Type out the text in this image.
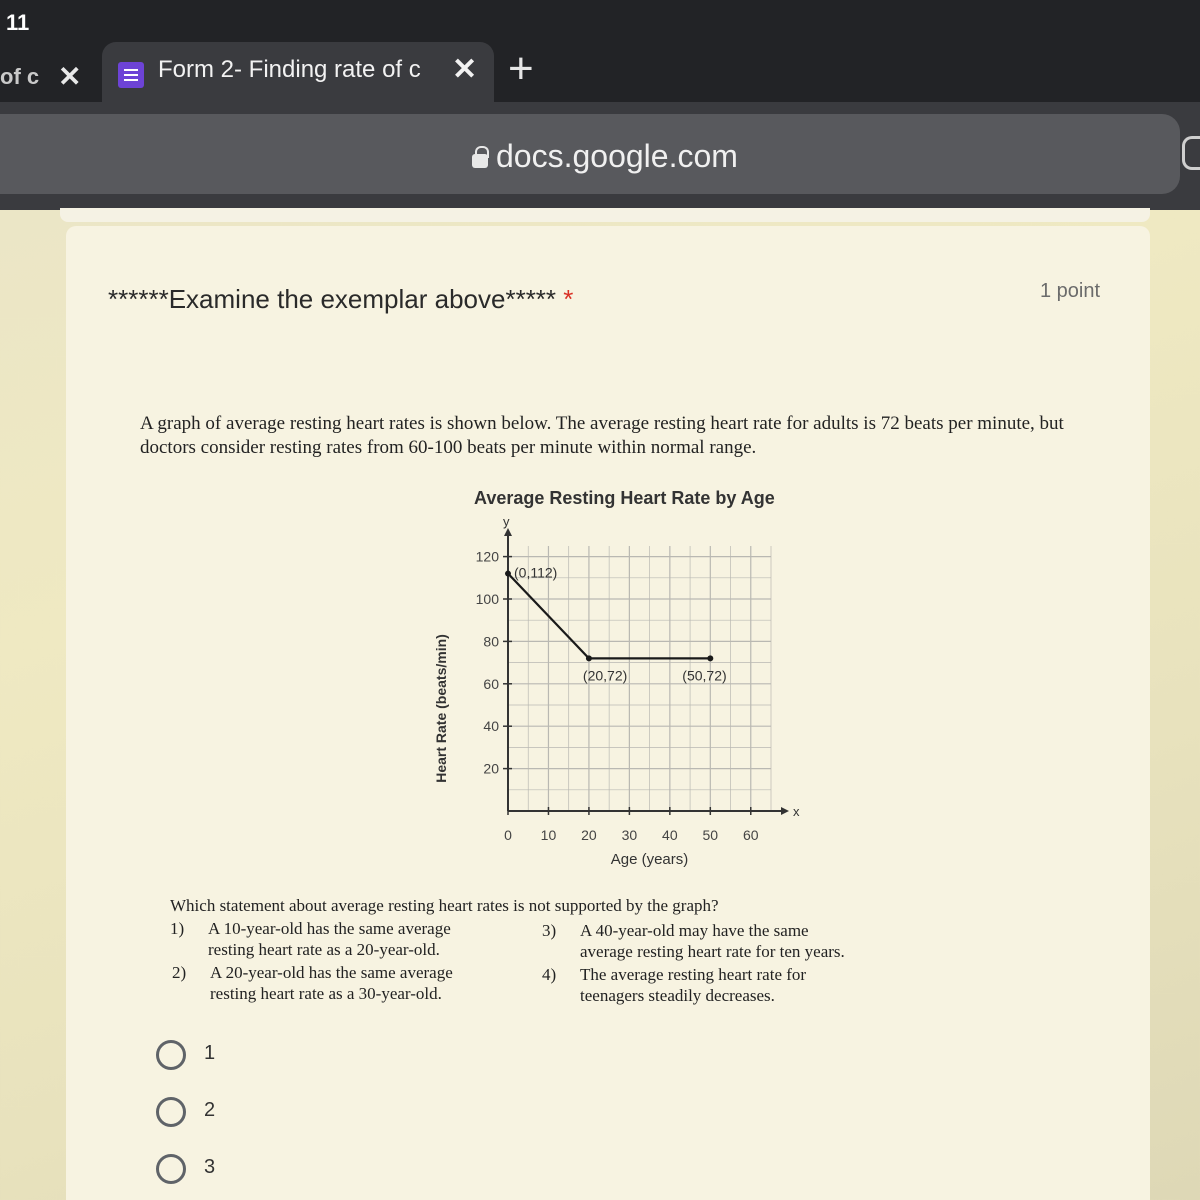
11
of c ✕	Form 2- Finding rate of c	✕ +
docs.google.com
******Examine the exemplar above***** *	1 point
A graph of average resting heart rates is shown below. The average resting heart rate for adults is 72 beats per minute, but doctors consider resting rates from 60-100 beats per minute within normal range.
Average Resting Heart Rate by Age
x
y
0 10 20 30 40 50 60
20
40
60
80
100
120
(0,112)
(20,72)	(50,72)
Age (years)
Heart Rate (beats/min)
Which statement about average resting heart rates is not supported by the graph?
1) A 10-year-old has the same average
resting heart rate as a 20-year-old.
2) A 20-year-old has the same average
resting heart rate as a 30-year-old.
3) A 40-year-old may have the same
average resting heart rate for ten years.
4) The average resting heart rate for
teenagers steadily decreases.
1
2
3
